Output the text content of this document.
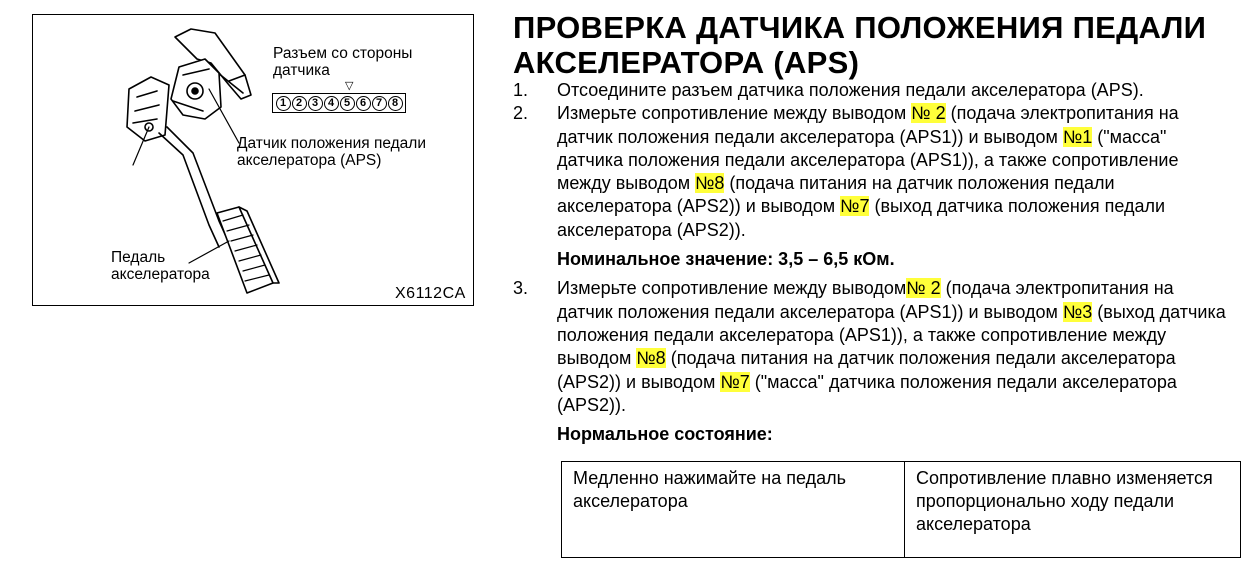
Разъем со стороны датчика
▽
1 2 3 4 5 6 7 8
Датчик положения педали акселератора (APS)
Педаль акселератора
X6112CA
ПРОВЕРКА ДАТЧИКА ПОЛОЖЕНИЯ ПЕДАЛИ АКСЕЛЕРАТОРА (APS)
1. Отсоедините разъем датчика положения педали акселератора (APS).
2. Измерьте сопротивление между выводом № 2 (подача электропитания на датчик положения педали акселератора (APS1)) и выводом №1 ("масса" датчика положения педали акселератора (APS1)), а также сопротивление между выводом №8 (подача питания на датчик положения педали акселератора (APS2)) и выводом №7 (выход датчика положения педали акселератора (APS2)).
Номинальное значение: 3,5 – 6,5 кОм.
3. Измерьте сопротивление между выводом№ 2 (подача электропитания на датчик положения педали акселератора (APS1)) и выводом №3 (выход датчика положения педали акселератора (APS1)), а также сопротивление между выводом №8 (подача питания на датчик положения педали акселератора (APS2)) и выводом №7 ("масса" датчика положения педали акселератора (APS2)).
Нормальное состояние:
Медленно нажимайте на педаль акселератора	Сопротивление плавно изменяется пропорционально ходу педали акселератора
